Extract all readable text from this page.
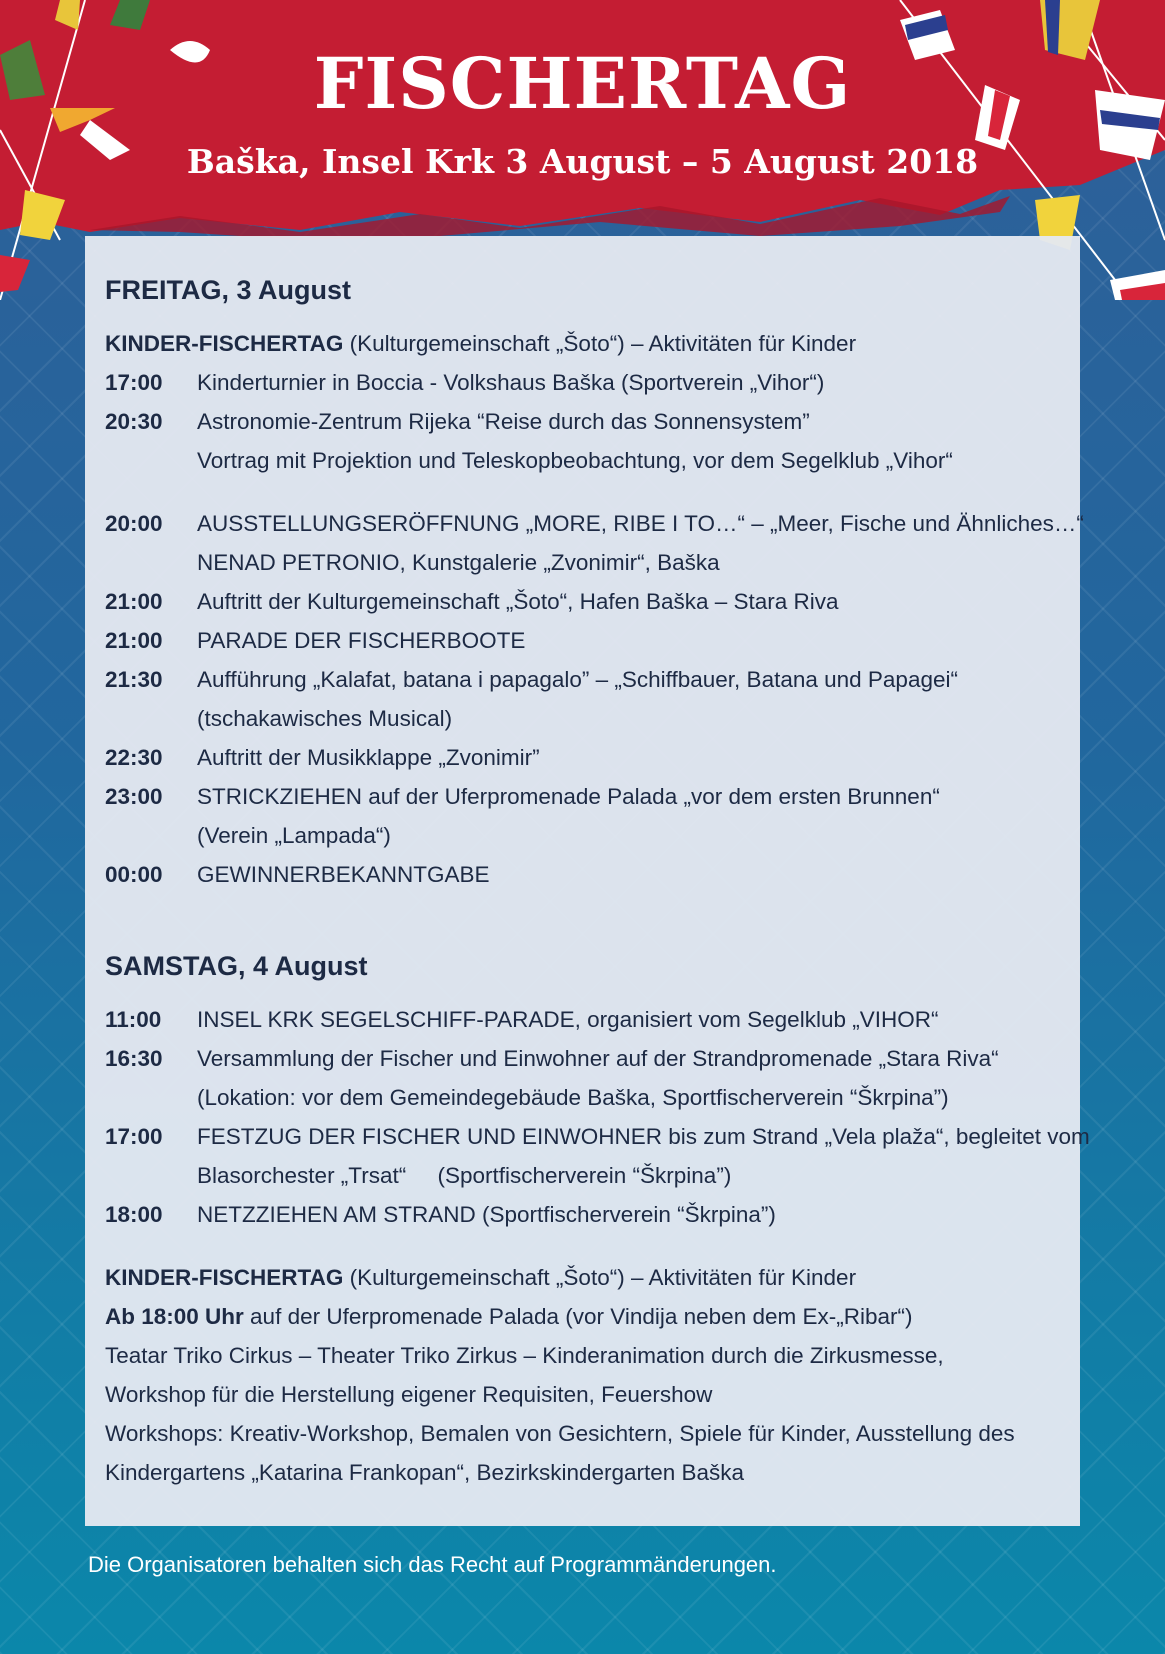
FISCHERTAG

Baška, Insel Krk 3 August – 5 August 2018

FREITAG, 3 August
KINDER-FISCHERTAG (Kulturgemeinschaft „Šoto“) – Aktivitäten für Kinder
17:00	Kinderturnier in Boccia - Volkshaus Baška (Sportverein „Vihor“)
20:30	Astronomie-Zentrum Rijeka “Reise durch das Sonnensystem”
Vortrag mit Projektion und Teleskopbeobachtung, vor dem Segelklub „Vihor“
20:00	AUSSTELLUNGSERÖFFNUNG „MORE, RIBE I TO…“ – „Meer, Fische und Ähnliches…“
NENAD PETRONIO, Kunstgalerie „Zvonimir“, Baška
21:00	Auftritt der Kulturgemeinschaft „Šoto“, Hafen Baška – Stara Riva
21:00	PARADE DER FISCHERBOOTE
21:30	Aufführung „Kalafat, batana i papagalo” – „Schiffbauer, Batana und Papagei“
(tschakawisches Musical)
22:30	Auftritt der Musikklappe „Zvonimir”
23:00	STRICKZIEHEN auf der Uferpromenade Palada „vor dem ersten Brunnen“
(Verein „Lampada“)
00:00	GEWINNERBEKANNTGABE
SAMSTAG, 4 August
11:00	INSEL KRK SEGELSCHIFF-PARADE, organisiert vom Segelklub „VIHOR“
16:30	Versammlung der Fischer und Einwohner auf der Strandpromenade „Stara Riva“
(Lokation: vor dem Gemeindegebäude Baška, Sportfischerverein “Škrpina”)
17:00	FESTZUG DER FISCHER UND EINWOHNER bis zum Strand „Vela plaža“, begleitet vom
Blasorchester „Trsat“     (Sportfischerverein “Škrpina”)
18:00	NETZZIEHEN AM STRAND (Sportfischerverein “Škrpina”)
KINDER-FISCHERTAG (Kulturgemeinschaft „Šoto“) – Aktivitäten für Kinder
Ab 18:00 Uhr auf der Uferpromenade Palada (vor Vindija neben dem Ex-„Ribar“)
Teatar Triko Cirkus – Theater Triko Zirkus – Kinderanimation durch die Zirkusmesse,
Workshop für die Herstellung eigener Requisiten, Feuershow
Workshops: Kreativ-Workshop, Bemalen von Gesichtern, Spiele für Kinder, Ausstellung des
Kindergartens „Katarina Frankopan“, Bezirkskindergarten Baška
Die Organisatoren behalten sich das Recht auf Programmänderungen.
